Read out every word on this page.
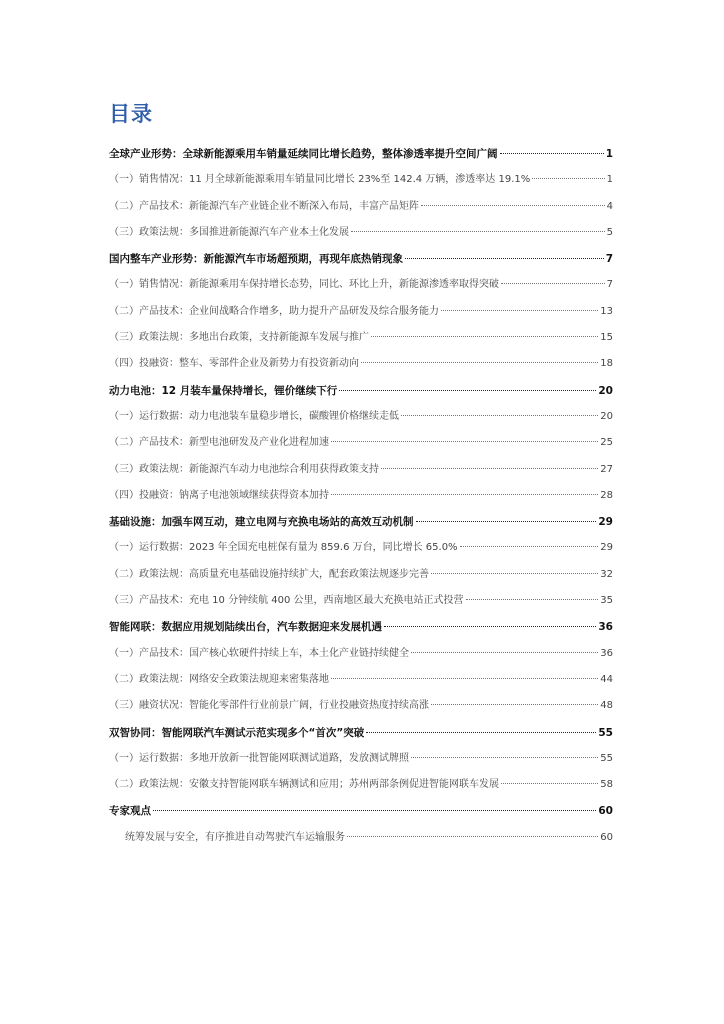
目录
全球产业形势：全球新能源乘用车销量延续同比增长趋势，整体渗透率提升空间广阔	1
（一）销售情况：11 月全球新能源乘用车销量同比增长 23%至 142.4 万辆，渗透率达 19.1%	1
（二）产品技术：新能源汽车产业链企业不断深入布局，丰富产品矩阵	4
（三）政策法规：多国推进新能源汽车产业本土化发展	5
国内整车产业形势：新能源汽车市场超预期，再现年底热销现象	7
（一）销售情况：新能源乘用车保持增长态势，同比、环比上升，新能源渗透率取得突破	7
（二）产品技术：企业间战略合作增多，助力提升产品研发及综合服务能力	13
（三）政策法规：多地出台政策，支持新能源车发展与推广	15
（四）投融资：整车、零部件企业及新势力有投资新动向	18
动力电池：12 月装车量保持增长，锂价继续下行	20
（一）运行数据：动力电池装车量稳步增长，碳酸锂价格继续走低	20
（二）产品技术：新型电池研发及产业化进程加速	25
（三）政策法规：新能源汽车动力电池综合利用获得政策支持	27
（四）投融资：钠离子电池领域继续获得资本加持	28
基础设施：加强车网互动，建立电网与充换电场站的高效互动机制	29
（一）运行数据：2023 年全国充电桩保有量为 859.6 万台，同比增长 65.0%	29
（二）政策法规：高质量充电基础设施持续扩大，配套政策法规逐步完善	32
（三）产品技术：充电 10 分钟续航 400 公里，西南地区最大充换电站正式投营	35
智能网联：数据应用规划陆续出台，汽车数据迎来发展机遇	36
（一）产品技术：国产核心软硬件持续上车，本土化产业链持续健全	36
（二）政策法规：网络安全政策法规迎来密集落地	44
（三）融资状况：智能化零部件行业前景广阔，行业投融资热度持续高涨	48
双智协同：智能网联汽车测试示范实现多个“首次”突破	55
（一）运行数据：多地开放新一批智能网联测试道路，发放测试牌照	55
（二）政策法规：安徽支持智能网联车辆测试和应用；苏州两部条例促进智能网联车发展	58
专家观点	60
统筹发展与安全，有序推进自动驾驶汽车运输服务	60
